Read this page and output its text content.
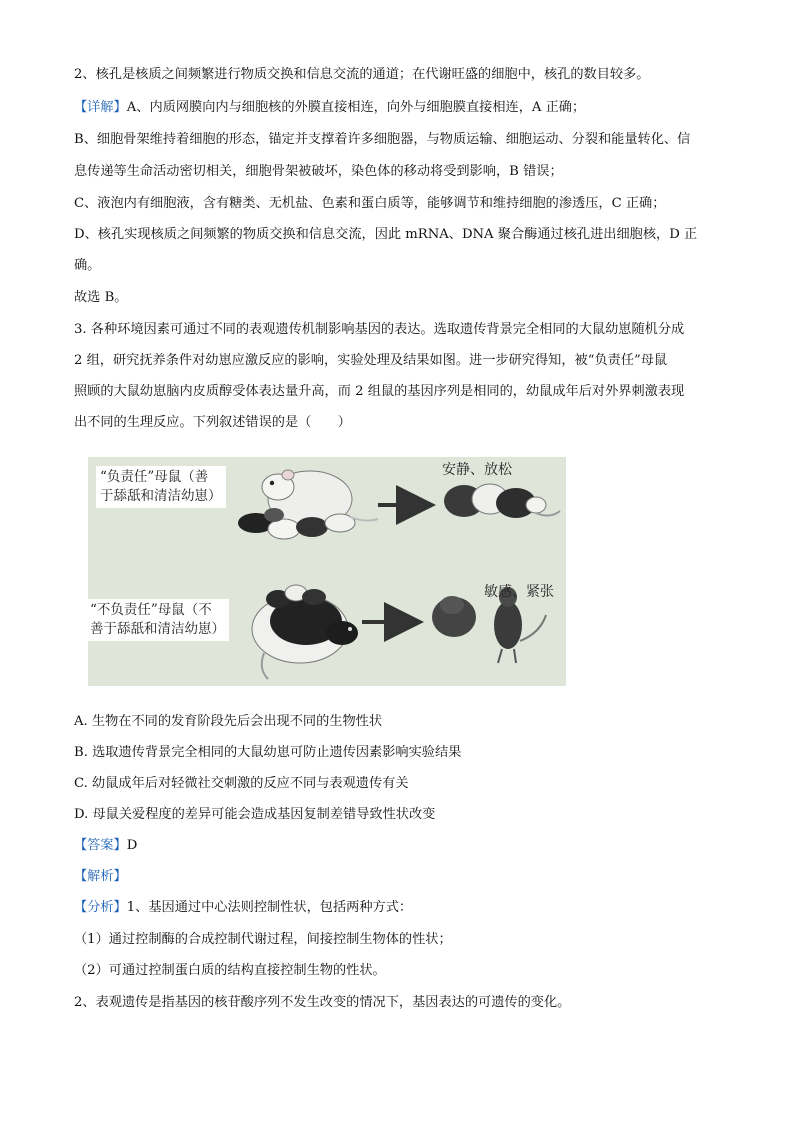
2、核孔是核质之间频繁进行物质交换和信息交流的通道；在代谢旺盛的细胞中，核孔的数目较多。
【详解】A、内质网膜向内与细胞核的外膜直接相连，向外与细胞膜直接相连，A 正确；
B、细胞骨架维持着细胞的形态，锚定并支撑着许多细胞器，与物质运输、细胞运动、分裂和能量转化、信
息传递等生命活动密切相关，细胞骨架被破坏，染色体的移动将受到影响，B 错误；
C、液泡内有细胞液，含有糖类、无机盐、色素和蛋白质等，能够调节和维持细胞的渗透压，C 正确；
D、核孔实现核质之间频繁的物质交换和信息交流，因此 mRNA、DNA 聚合酶通过核孔进出细胞核，D 正
确。
故选 B。
3. 各种环境因素可通过不同的表观遗传机制影响基因的表达。选取遗传背景完全相同的大鼠幼崽随机分成
2 组，研究抚养条件对幼崽应激反应的影响，实验处理及结果如图。进一步研究得知，被“负责任”母鼠
照顾的大鼠幼崽脑内皮质醇受体表达量升高，而 2 组鼠的基因序列是相同的，幼鼠成年后对外界刺激表现
出不同的生理反应。下列叙述错误的是（　　）
“负责任”母鼠（善
于舔舐和清洁幼崽）
安静、放松
“不负责任”母鼠（不
善于舔舐和清洁幼崽）
敏感、紧张
A. 生物在不同的发育阶段先后会出现不同的生物性状
B. 选取遗传背景完全相同的大鼠幼崽可防止遗传因素影响实验结果
C. 幼鼠成年后对轻微社交刺激的反应不同与表观遗传有关
D. 母鼠关爱程度的差异可能会造成基因复制差错导致性状改变
【答案】D
【解析】
【分析】1、基因通过中心法则控制性状，包括两种方式：
（1）通过控制酶的合成控制代谢过程，间接控制生物体的性状；
（2）可通过控制蛋白质的结构直接控制生物的性状。
2、表观遗传是指基因的核苷酸序列不发生改变的情况下，基因表达的可遗传的变化。
